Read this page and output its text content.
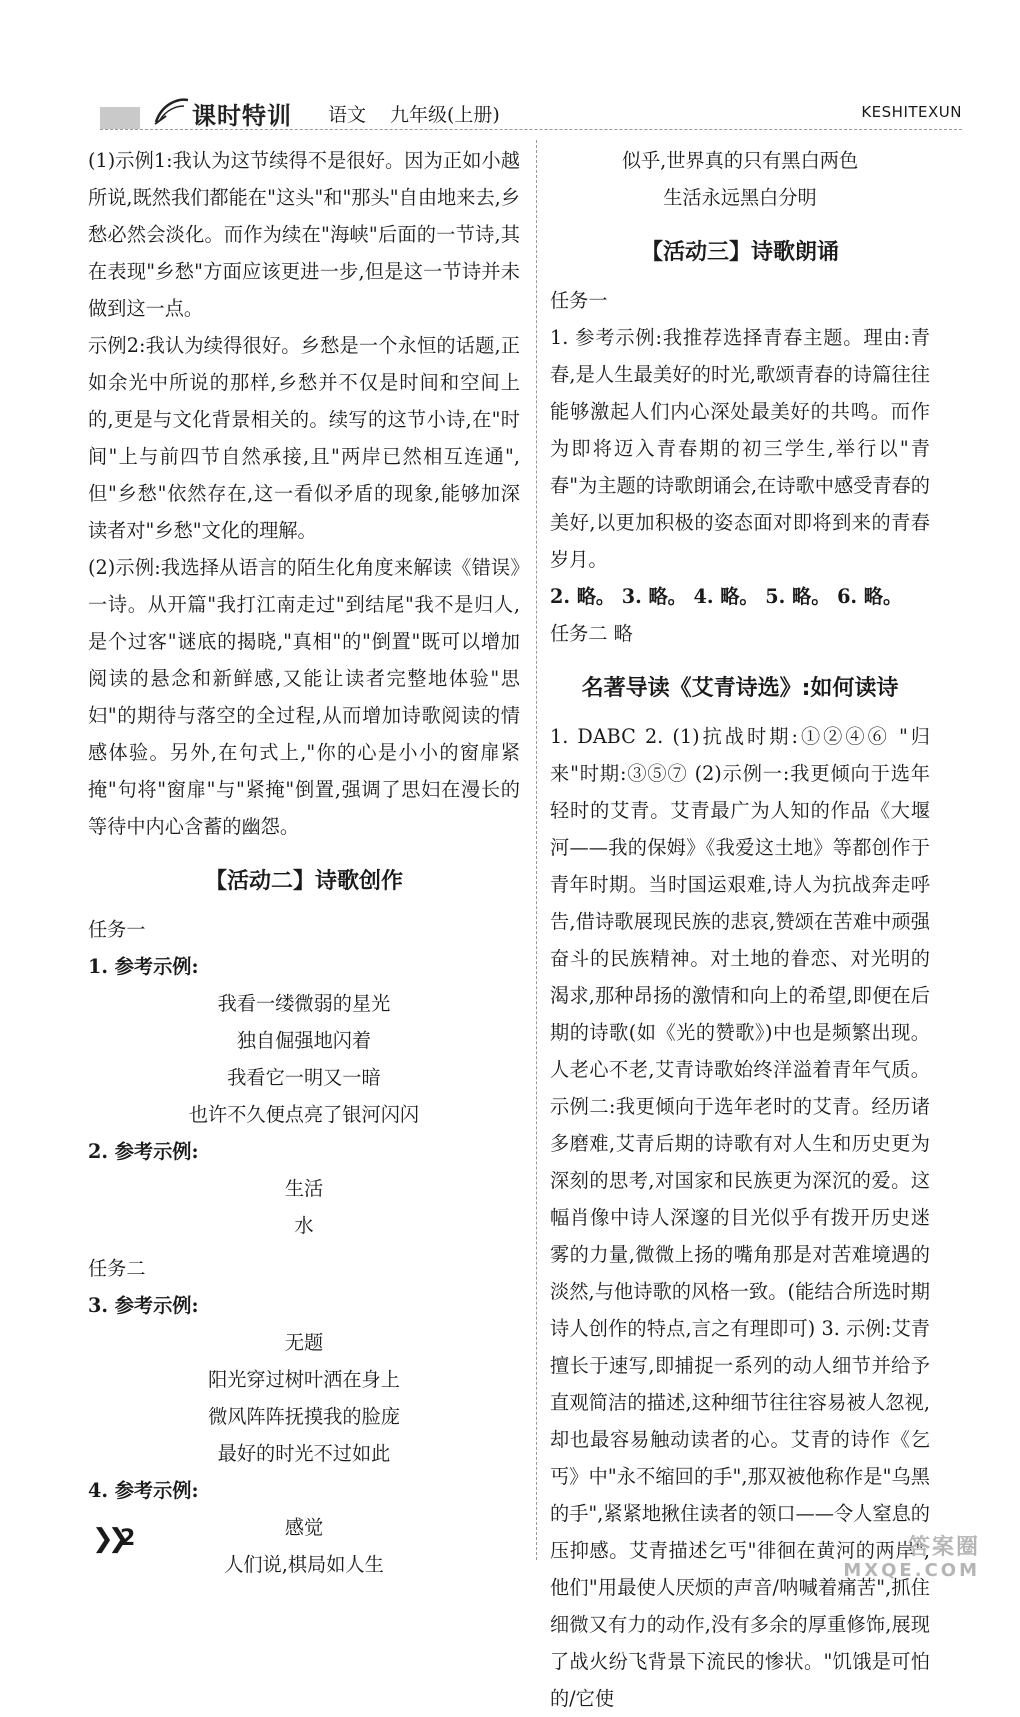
课时特训 语文 九年级(上册)	KESHITEXUN

(1)示例1:我认为这节续得不是很好。因为正如小越所说,既然我们都能在"这头"和"那头"自由地来去,乡愁必然会淡化。而作为续在"海峡"后面的一节诗,其在表现"乡愁"方面应该更进一步,但是这一节诗并未做到这一点。

示例2:我认为续得很好。乡愁是一个永恒的话题,正如余光中所说的那样,乡愁并不仅是时间和空间上的,更是与文化背景相关的。续写的这节小诗,在"时间"上与前四节自然承接,且"两岸已然相互连通",但"乡愁"依然存在,这一看似矛盾的现象,能够加深读者对"乡愁"文化的理解。

(2)示例:我选择从语言的陌生化角度来解读《错误》一诗。从开篇"我打江南走过"到结尾"我不是归人,是个过客"谜底的揭晓,"真相"的"倒置"既可以增加阅读的悬念和新鲜感,又能让读者完整地体验"思妇"的期待与落空的全过程,从而增加诗歌阅读的情感体验。另外,在句式上,"你的心是小小的窗扉紧掩"句将"窗扉"与"紧掩"倒置,强调了思妇在漫长的等待中内心含蓄的幽怨。

【活动二】诗歌创作

任务一

1. 参考示例:

我看一缕微弱的星光

独自倔强地闪着

我看它一明又一暗

也许不久便点亮了银河闪闪

2. 参考示例:

生活

水

任务二

3. 参考示例:

无题

阳光穿过树叶洒在身上

微风阵阵抚摸我的脸庞

最好的时光不过如此

4. 参考示例:

感觉

人们说,棋局如人生

似乎,世界真的只有黑白两色

生活永远黑白分明

【活动三】诗歌朗诵

任务一

1. 参考示例:我推荐选择青春主题。理由:青春,是人生最美好的时光,歌颂青春的诗篇往往能够激起人们内心深处最美好的共鸣。而作为即将迈入青春期的初三学生,举行以"青春"为主题的诗歌朗诵会,在诗歌中感受青春的美好,以更加积极的姿态面对即将到来的青春岁月。

2. 略。 3. 略。 4. 略。 5. 略。 6. 略。

任务二 略

名著导读《艾青诗选》:如何读诗

1. DABC 2. (1)抗战时期:①②④⑥ "归来"时期:③⑤⑦ (2)示例一:我更倾向于选年轻时的艾青。艾青最广为人知的作品《大堰河——我的保姆》《我爱这土地》等都创作于青年时期。当时国运艰难,诗人为抗战奔走呼告,借诗歌展现民族的悲哀,赞颂在苦难中顽强奋斗的民族精神。对土地的眷恋、对光明的渴求,那种昂扬的激情和向上的希望,即便在后期的诗歌(如《光的赞歌》)中也是频繁出现。人老心不老,艾青诗歌始终洋溢着青年气质。 示例二:我更倾向于选年老时的艾青。经历诸多磨难,艾青后期的诗歌有对人生和历史更为深刻的思考,对国家和民族更为深沉的爱。这幅肖像中诗人深邃的目光似乎有拨开历史迷雾的力量,微微上扬的嘴角那是对苦难境遇的淡然,与他诗歌的风格一致。(能结合所选时期诗人创作的特点,言之有理即可) 3. 示例:艾青擅长于速写,即捕捉一系列的动人细节并给予直观简洁的描述,这种细节往往容易被人忽视,却也最容易触动读者的心。艾青的诗作《乞丐》中"永不缩回的手",那双被他称作是"乌黑的手",紧紧地揪住读者的领口——令人窒息的压抑感。艾青描述乞丐"徘徊在黄河的两岸",他们"用最使人厌烦的声音/呐喊着痛苦",抓住细微又有力的动作,没有多余的厚重修饰,展现了战火纷飞背景下流民的惨状。"饥饿是可怕的/它使

❯❯
2	答案圈
MXQE.COM
